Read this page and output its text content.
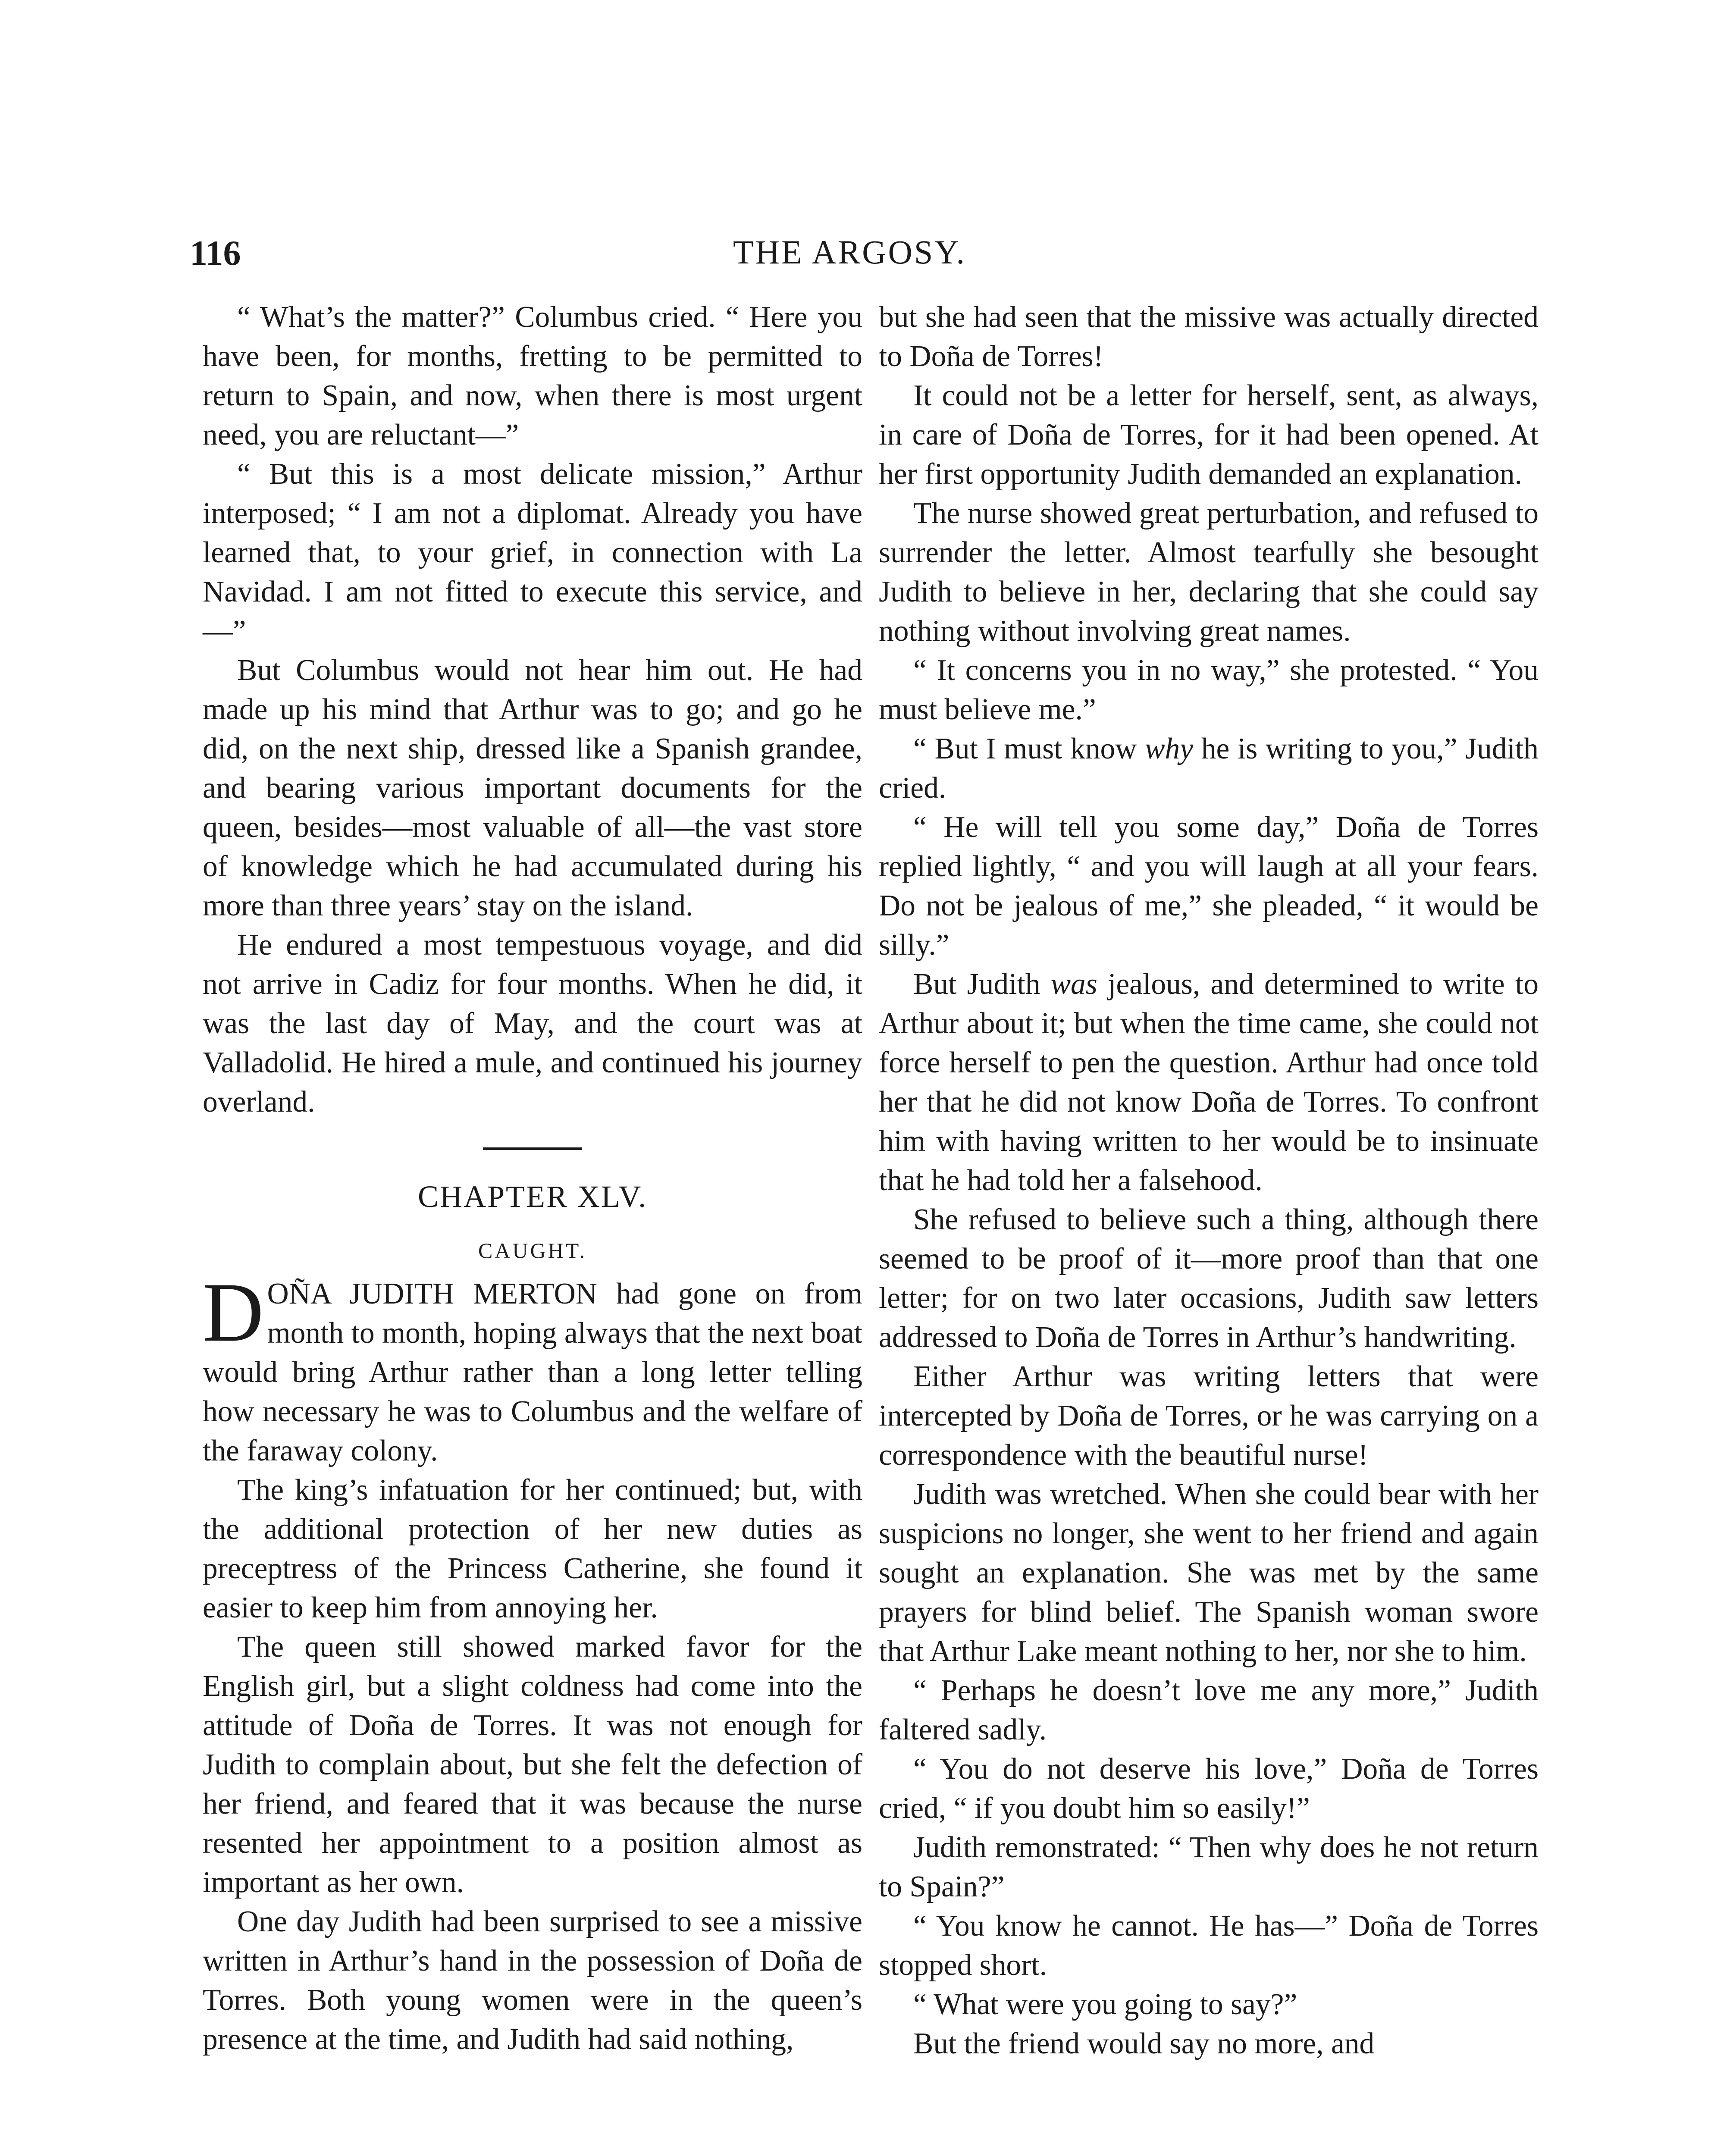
116	THE ARGOSY.

“ What’s the matter?” Columbus cried. “ Here you have been, for months, fretting to be permitted to return to Spain, and now, when there is most urgent need, you are reluctant—”

“ But this is a most delicate mission,” Arthur interposed; “ I am not a diplomat. Already you have learned that, to your grief, in connection with La Navidad. I am not fitted to execute this service, and—”

But Columbus would not hear him out. He had made up his mind that Arthur was to go; and go he did, on the next ship, dressed like a Spanish grandee, and bearing various important documents for the queen, besides—most valuable of all—the vast store of knowledge which he had accumulated during his more than three years’ stay on the island.

He endured a most tempestuous voyage, and did not arrive in Cadiz for four months. When he did, it was the last day of May, and the court was at Valladolid. He hired a mule, and continued his journey overland.

CHAPTER XLV.
CAUGHT.

DOÑA JUDITH MERTON had gone on from month to month, hoping always that the next boat would bring Arthur rather than a long letter telling how necessary he was to Columbus and the welfare of the faraway colony.

The king’s infatuation for her continued; but, with the additional protection of her new duties as preceptress of the Princess Catherine, she found it easier to keep him from annoying her.

The queen still showed marked favor for the English girl, but a slight coldness had come into the attitude of Doña de Torres. It was not enough for Judith to complain about, but she felt the defection of her friend, and feared that it was because the nurse resented her appointment to a position almost as important as her own.

One day Judith had been surprised to see a missive written in Arthur’s hand in the possession of Doña de Torres. Both young women were in the queen’s presence at the time, and Judith had said nothing,

but she had seen that the missive was actually directed to Doña de Torres!

It could not be a letter for herself, sent, as always, in care of Doña de Torres, for it had been opened. At her first opportunity Judith demanded an explanation.

The nurse showed great perturbation, and refused to surrender the letter. Almost tearfully she besought Judith to believe in her, declaring that she could say nothing without involving great names.

“ It concerns you in no way,” she protested. “ You must believe me.”

“ But I must know why he is writing to you,” Judith cried.

“ He will tell you some day,” Doña de Torres replied lightly, “ and you will laugh at all your fears. Do not be jealous of me,” she pleaded, “ it would be silly.”

But Judith was jealous, and determined to write to Arthur about it; but when the time came, she could not force herself to pen the question. Arthur had once told her that he did not know Doña de Torres. To confront him with having written to her would be to insinuate that he had told her a falsehood.

She refused to believe such a thing, although there seemed to be proof of it—more proof than that one letter; for on two later occasions, Judith saw letters addressed to Doña de Torres in Arthur’s handwriting.

Either Arthur was writing letters that were intercepted by Doña de Torres, or he was carrying on a correspondence with the beautiful nurse!

Judith was wretched. When she could bear with her suspicions no longer, she went to her friend and again sought an explanation. She was met by the same prayers for blind belief. The Spanish woman swore that Arthur Lake meant nothing to her, nor she to him.

“ Perhaps he doesn’t love me any more,” Judith faltered sadly.

“ You do not deserve his love,” Doña de Torres cried, “ if you doubt him so easily!”

Judith remonstrated: “ Then why does he not return to Spain?”

“ You know he cannot. He has—” Doña de Torres stopped short.

“ What were you going to say?”

But the friend would say no more, and
